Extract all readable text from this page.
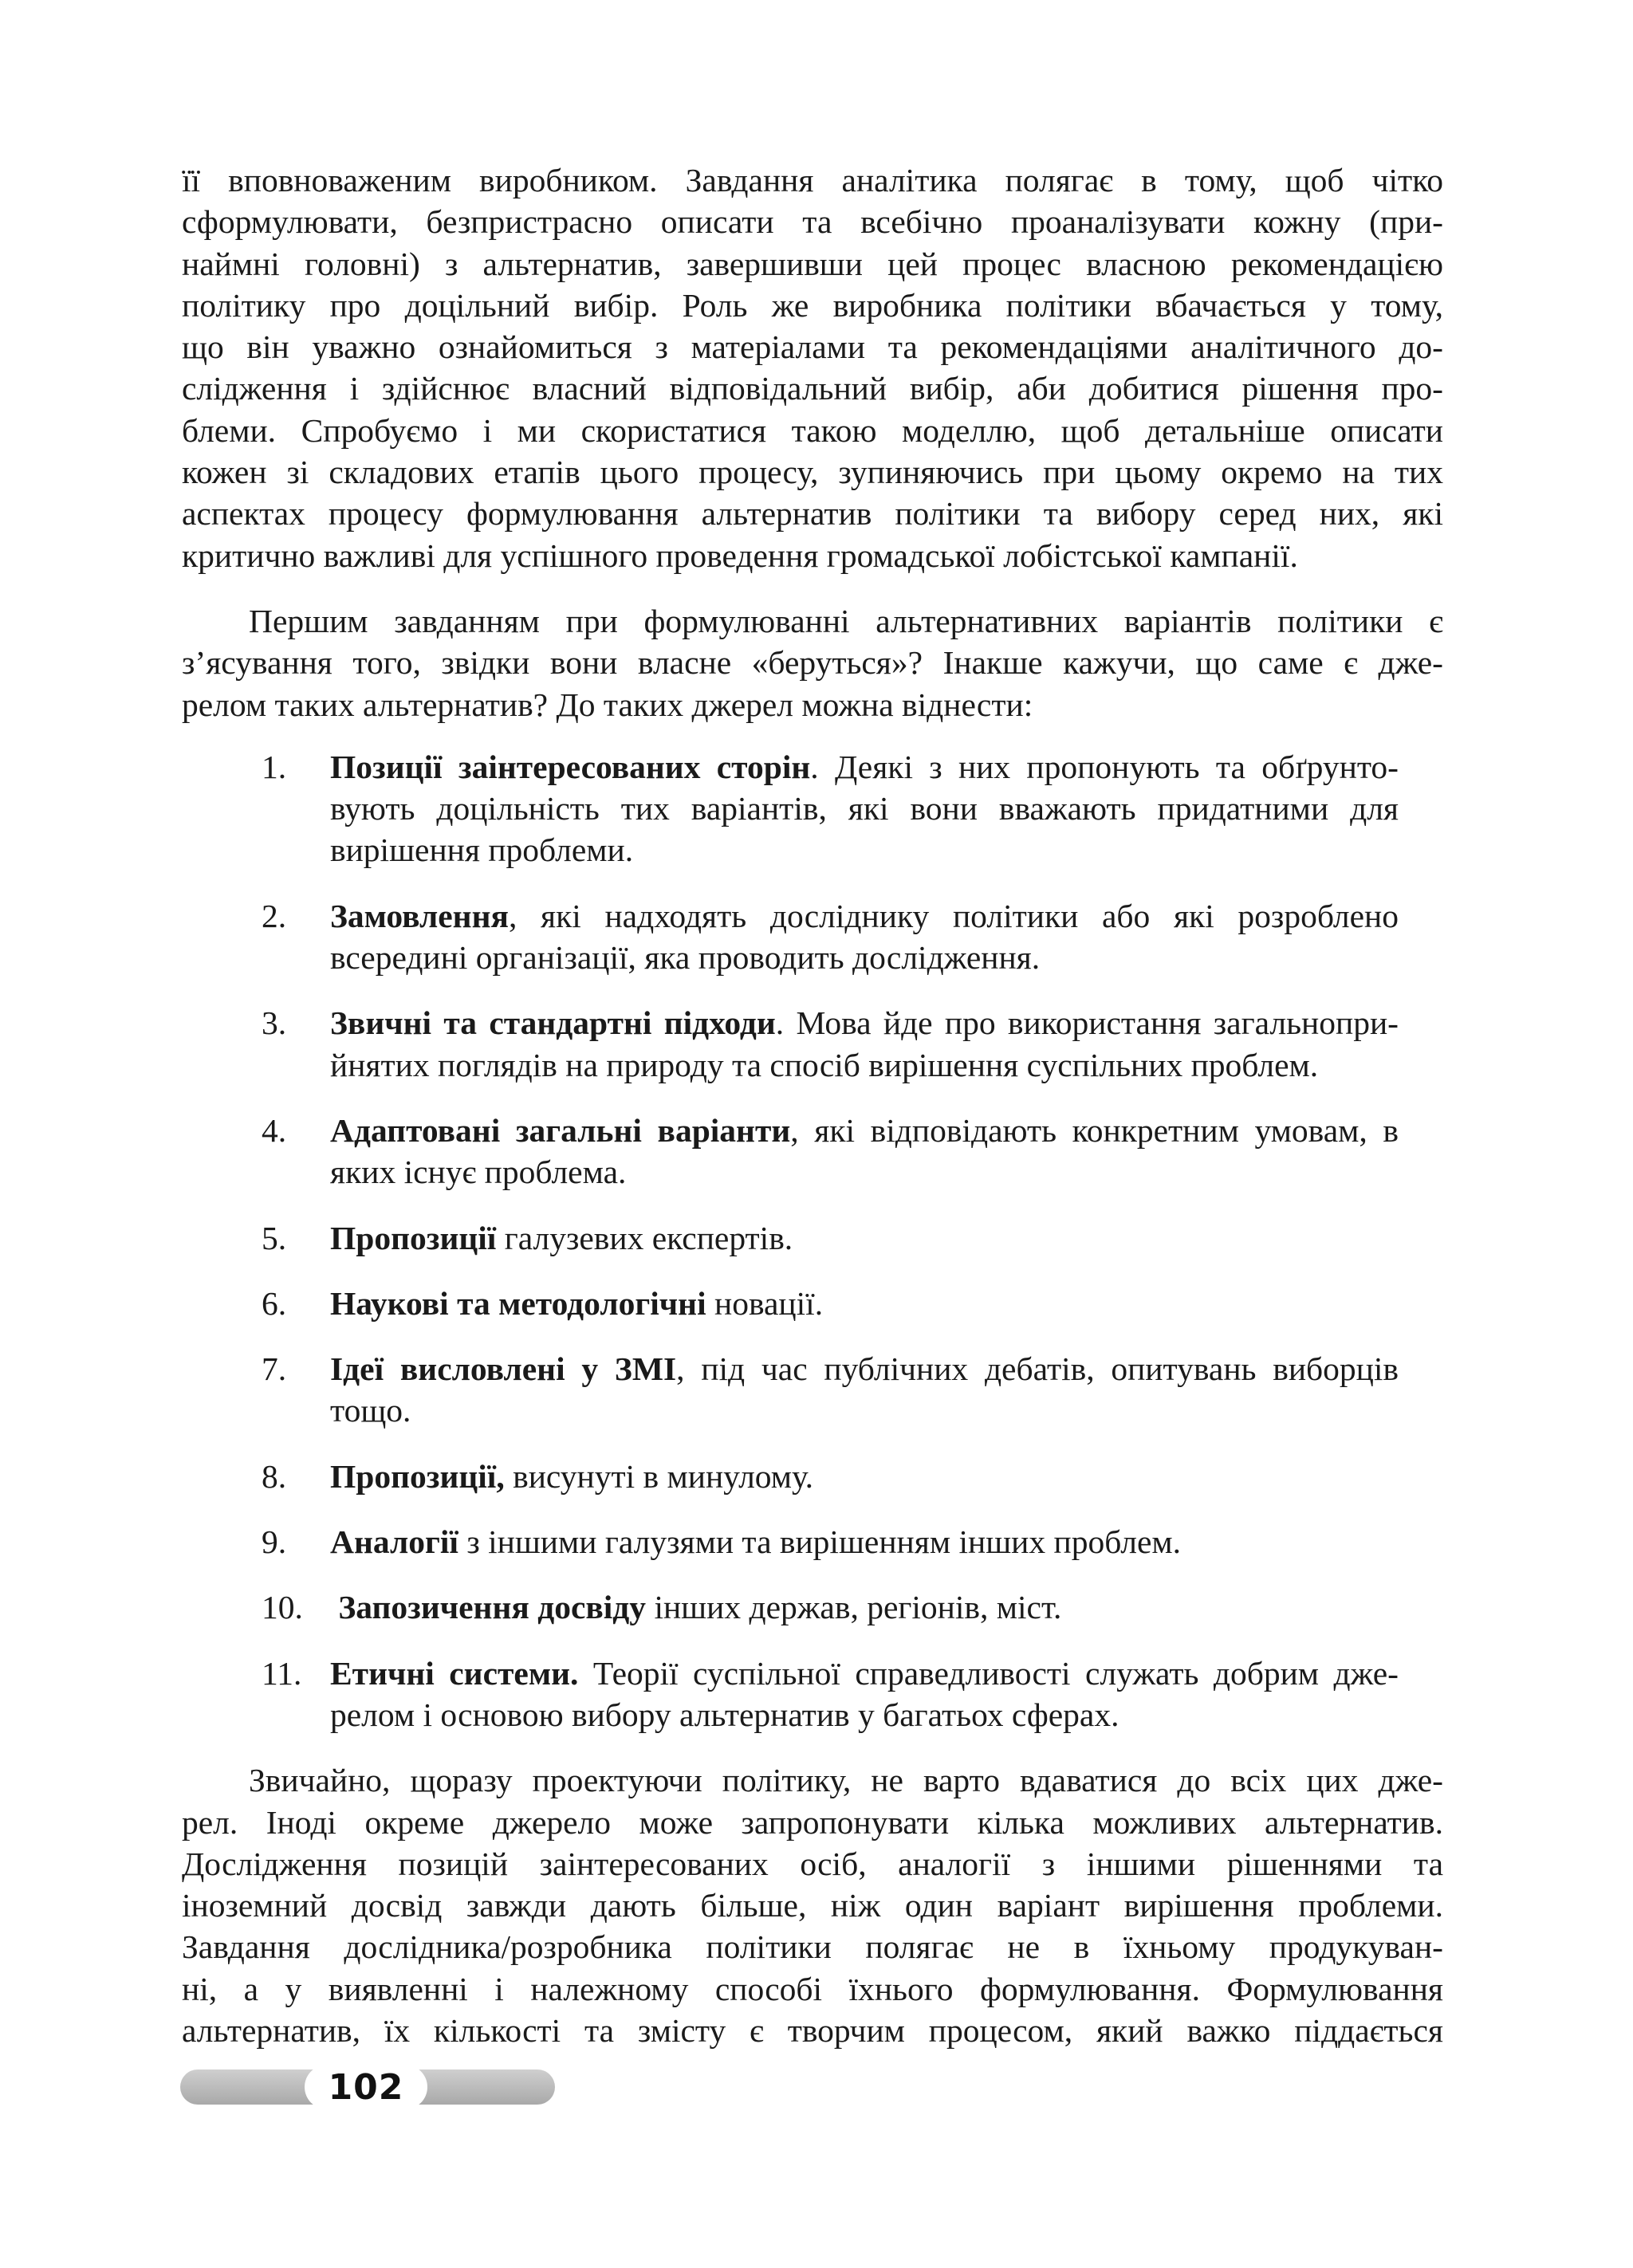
її вповноваженим виробником. Завдання аналітика полягає в тому, щоб чітко
сформулювати, безпристрасно описати та всебічно проаналізувати кожну (при-
наймні головні) з альтернатив, завершивши цей процес власною рекомендацією
політику про доцільний вибір. Роль же виробника політики вбачається у тому,
що він уважно ознайомиться з матеріалами та рекомендаціями аналітичного до-
слідження і здійснює власний відповідальний вибір, аби добитися рішення про-
блеми. Спробуємо і ми скористатися такою моделлю, щоб детальніше описати
кожен зі складових етапів цього процесу, зупиняючись при цьому окремо на тих
аспектах процесу формулювання альтернатив політики та вибору серед них, які
критично важливі для успішного проведення громадської лобістської кампанії.
Першим завданням при формулюванні альтернативних варіантів політики є
з’ясування того, звідки вони власне «беруться»? Інакше кажучи, що саме є дже-
релом таких альтернатив? До таких джерел можна віднести:
1.	Позиції заінтересованих сторін. Деякі з них пропонують та обґрунто-
вують доцільність тих варіантів, які вони вважають придатними для
вирішення проблеми.
2.	Замовлення, які надходять досліднику політики або які розроблено
всередині організації, яка проводить дослідження.
3.	Звичні та стандартні підходи. Мова йде про використання загальнопри-
йнятих поглядів на природу та спосіб вирішення суспільних проблем.
4.	Адаптовані загальні варіанти, які відповідають конкретним умовам, в
яких існує проблема.
5.	Пропозиції галузевих експертів.
6.	Наукові та методологічні новації.
7.	Ідеї висловлені у ЗМІ, під час публічних дебатів, опитувань виборців
тощо.
8.	Пропозиції, висунуті в минулому.
9.	Аналогії з іншими галузями та вирішенням інших проблем.
10. Запозичення досвіду інших держав, регіонів, міст.
11. Етичні системи. Теорії суспільної справедливості служать добрим дже-
релом і основою вибору альтернатив у багатьох сферах.
Звичайно, щоразу проектуючи політику, не варто вдаватися до всіх цих дже-
рел. Іноді окреме джерело може запропонувати кілька можливих альтернатив.
Дослідження позицій заінтересованих осіб, аналогії з іншими рішеннями та
іноземний досвід завжди дають більше, ніж один варіант вирішення проблеми.
Завдання дослідника/розробника політики полягає не в їхньому продукуван-
ні, а у виявленні і належному способі їхнього формулювання. Формулювання
альтернатив, їх кількості та змісту є творчим процесом, який важко піддається
102
